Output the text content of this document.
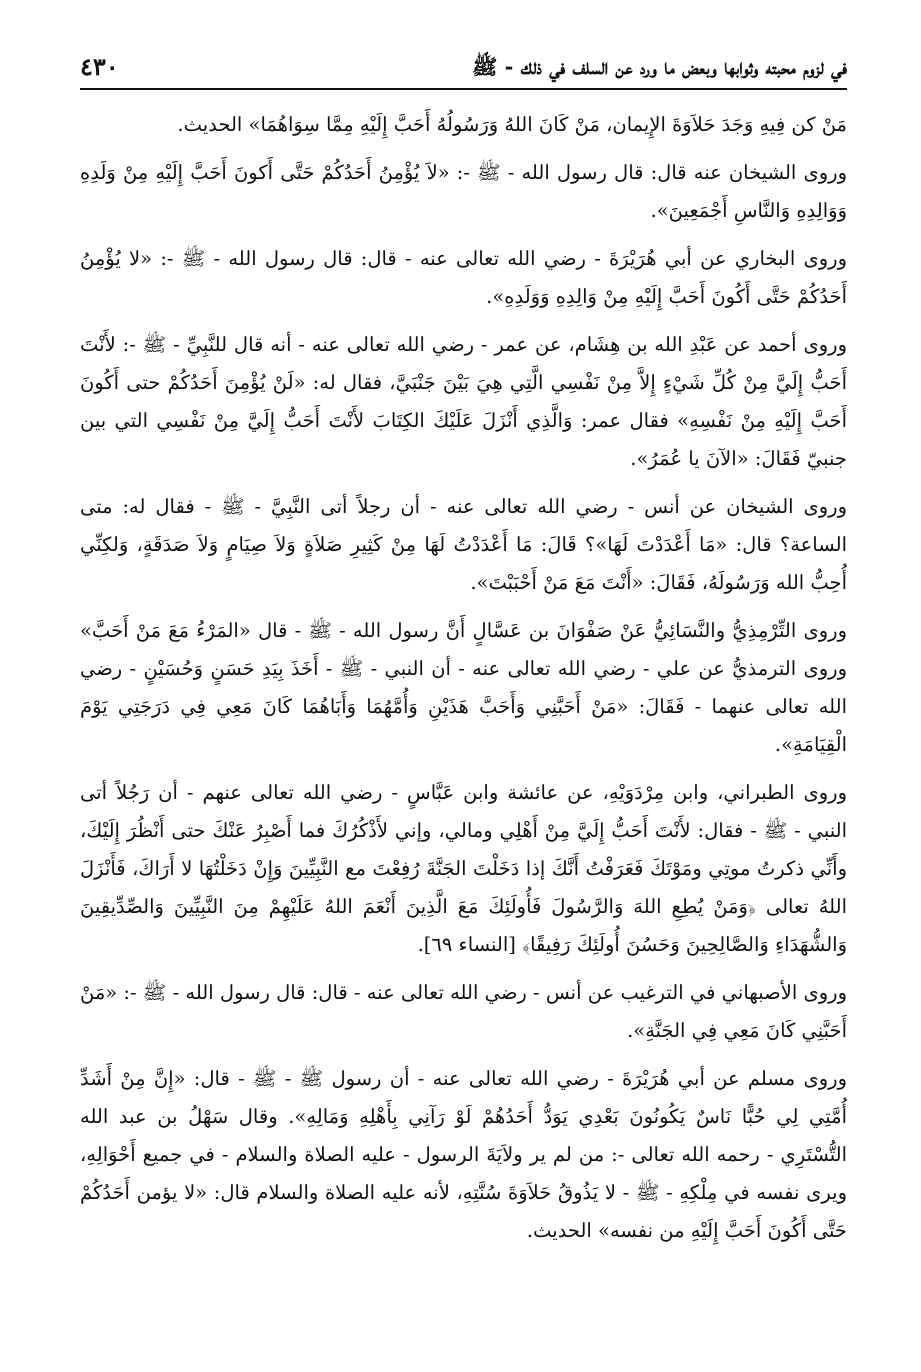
في لزوم محبته وثوابها وبعض ما ورد عن السلف في ذلك - ﷺ
٤٣٠

مَنْ كن فِيهِ وَجَدَ حَلاَوَةَ الإِيمان، مَنْ كَانَ اللهُ وَرَسُولُهُ أَحَبَّ إِلَيْهِ مِمَّا سِوَاهُمَا» الحديث.

وروى الشيخان عنه قال: قال رسول الله - ﷺ -: «لاَ يُؤْمِنُ أَحَدُكُمْ حَتَّى أَكونَ أَحَبَّ إِلَيْهِ مِنْ وَلَدِهِ وَوَالِدِهِ وَالنَّاسِ أَجْمَعِينَ».

وروى البخاري عن أبي هُرَيْرَةَ - رضي الله تعالى عنه - قال: قال رسول الله - ﷺ -: «لا يُؤْمِنُ أَحَدُكُمْ حَتَّى أَكُونَ أَحَبَّ إِلَيْهِ مِنْ وَالِدِهِ وَوَلَدِهِ».

وروى أحمد عن عَبْدِ الله بن هِشَام، عن عمر - رضي الله تعالى عنه - أنه قال للنَّبِيِّ - ﷺ -: لأَنْتَ أَحَبُّ إِلَيَّ مِنْ كُلِّ شَيْءٍ إِلاَّ مِنْ نَفْسِي الَّتِي هِيَ بَيْنَ جَنْبَيَّ، فقال له: «لَنْ يُؤْمِنَ أَحَدُكُمْ حتى أَكُونَ أَحَبَّ إِلَيْهِ مِنْ نَفْسِهِ» فقال عمر: وَالَّذِي أَنْزَلَ عَلَيْكَ الكِتَابَ لأَنْتَ أَحَبُّ إِلَيَّ مِنْ نَفْسِي التي بين جنبيّ فَقَالَ: «الآنَ يا عُمَرُ».

وروى الشيخان عن أنس - رضي الله تعالى عنه - أن رجلاً أتى النَّبِيَّ - ﷺ - فقال له: متى الساعة؟ قال: «مَا أَعْدَدْتَ لَهَا»؟ قَالَ: مَا أَعْدَدْتُ لَهَا مِنْ كَثِيرِ صَلاَةٍ وَلاَ صِيَامٍ وَلاَ صَدَقَةٍ، وَلكِنِّي أُحِبُّ الله وَرَسُولَهُ، فَقَالَ: «أَنْتَ مَعَ مَنْ أَحْبَبْتَ».

وروى التِّرْمِذِيُّ والنَّسَائِيُّ عَنْ صَفْوَانَ بن عَسَّالٍ أَنَّ رسول الله - ﷺ - قال «المَرْءُ مَعَ مَنْ أَحَبَّ» وروى الترمذيُّ عن علي - رضي الله تعالى عنه - أن النبي - ﷺ - أَخَذَ بِيَدِ حَسَنٍ وَحُسَيْنٍ - رضي الله تعالى عنهما - فَقَالَ: «مَنْ أَحَبَّنِي وَأَحَبَّ هَذَيْنِ وَأُمَّهُمَا وَأَبَاهُمَا كَانَ مَعِي فِي دَرَجَتِي يَوْمَ الْقِيَامَةِ».

وروى الطبراني، وابن مِرْدَوَيْهِ، عن عائشة وابن عَبَّاسٍ - رضي الله تعالى عنهم - أن رَجُلاً أتى النبي - ﷺ - فقال: لأَنْتَ أَحَبُّ إِلَيَّ مِنْ أَهْلِي ومالي، وإني لأَذْكُرُكَ فما أَصْبِرُ عَنْكَ حتى أَنْظُرَ إِلَيْكَ، وأَنِّي ذكرتُ موتِي ومَوْتَكَ فَعَرَفْتُ أَنَّكَ إذا دَخَلْتَ الجَنَّةَ رُفِعْتَ مع النَّبِيِّينَ وَإِنْ دَخَلْتُهَا لا أَرَاكَ، فَأَنْزَلَ اللهُ تعالى ﴿وَمَنْ يُطِعِ اللهَ وَالرَّسُولَ فَأُولَئِكَ مَعَ الَّذِينَ أَنْعَمَ اللهُ عَلَيْهِمْ مِنَ النَّبِيِّينَ وَالصِّدِّيقِينَ وَالشُّهَدَاءِ وَالصَّالِحِينَ وَحَسُنَ أُولَئِكَ رَفِيقًا﴾ [النساء ٦٩].

وروى الأصبهاني في الترغيب عن أنس - رضي الله تعالى عنه - قال: قال رسول الله - ﷺ -: «مَنْ أَحَبَّنِي كَانَ مَعِي فِي الجَنَّةِ».

وروى مسلم عن أبي هُرَيْرَةَ - رضي الله تعالى عنه - أن رسول ﷺ - ﷺ - قال: «إِنَّ مِنْ أَشَدِّ أُمَّتِي لِي حُبًّا نَاسٌ يَكُونُونَ بَعْدِي يَوَدُّ أَحَدُهُمْ لَوْ رَآنِي بِأَهْلِهِ وَمَالِهِ». وقال سَهْلُ بن عبد الله التُّسْتَرِي - رحمه الله تعالى -: من لم ير ولاَيَةَ الرسول - عليه الصلاة والسلام - في جميع أَحْوَالِهِ، ويرى نفسه في مِلْكِهِ - ﷺ - لا يَذُوقُ حَلاَوَةَ سُنَّتِهِ، لأنه عليه الصلاة والسلام قال: «لا يؤمن أَحَدُكُمْ حَتَّى أَكُونَ أَحَبَّ إِلَيْهِ من نفسه» الحديث.
